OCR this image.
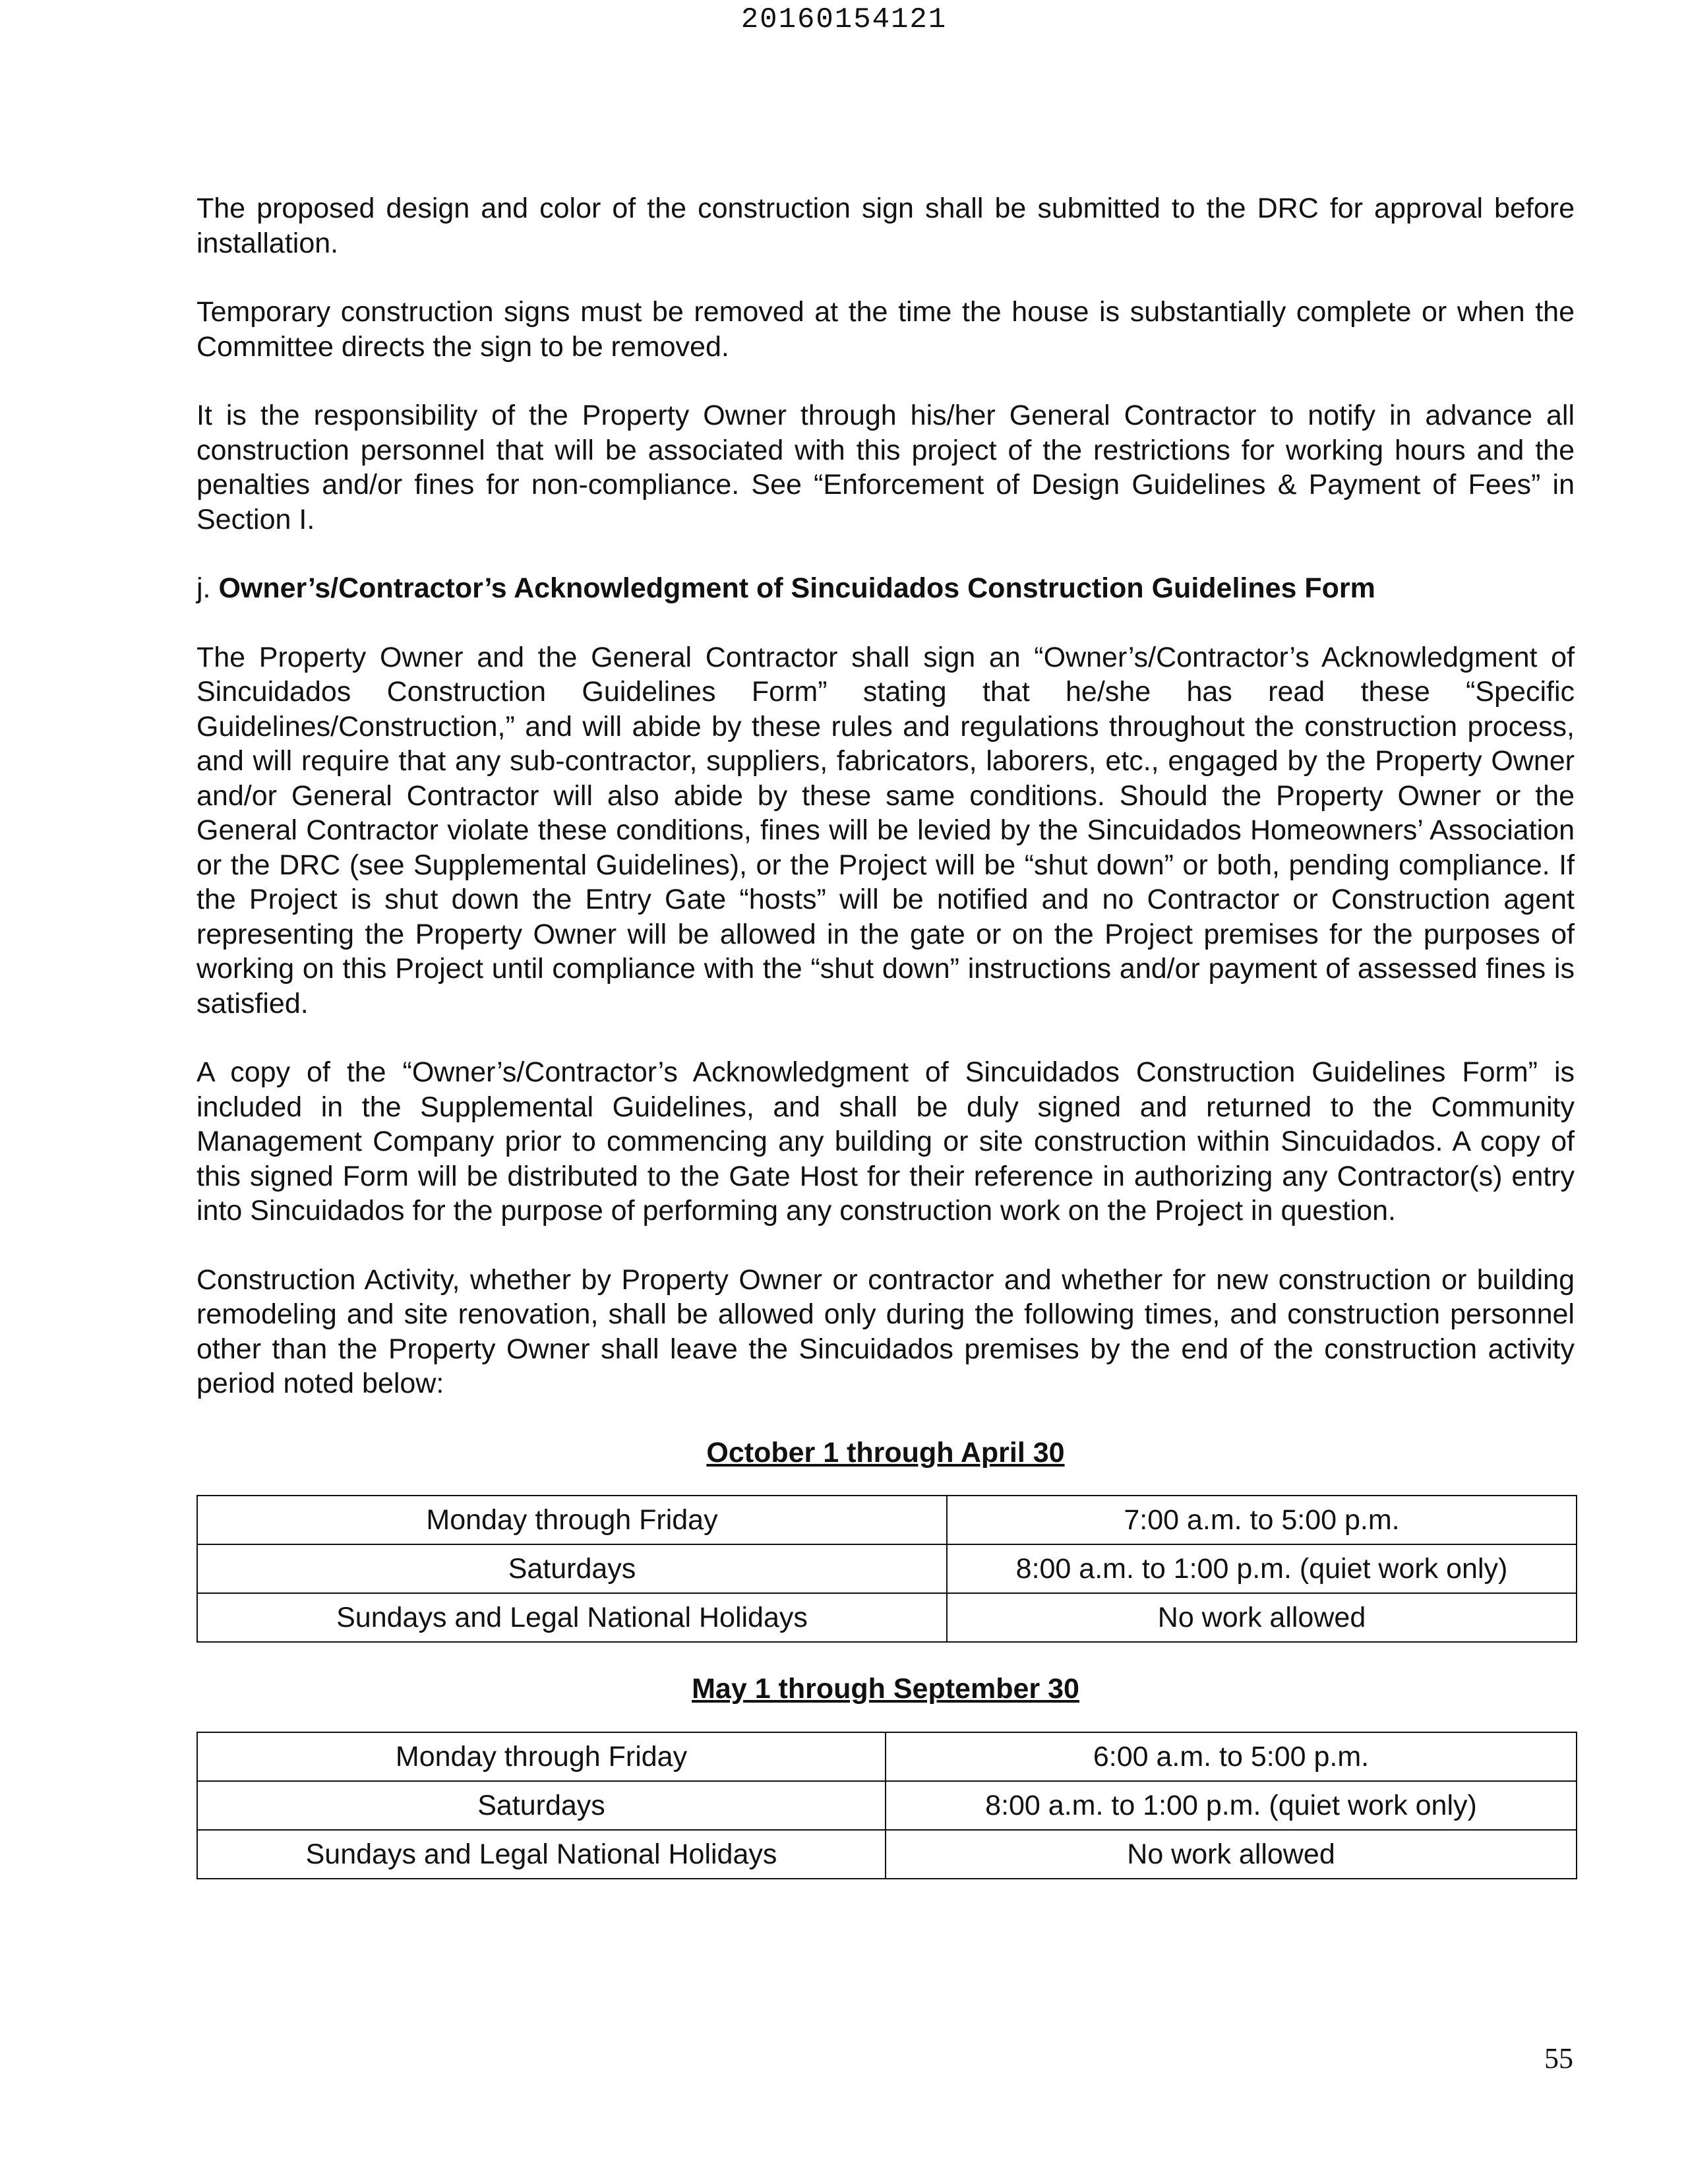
20160154121

The proposed design and color of the construction sign shall be submitted to the DRC for approval before installation.

Temporary construction signs must be removed at the time the house is substantially complete or when the Committee directs the sign to be removed.

It is the responsibility of the Property Owner through his/her General Contractor to notify in advance all construction personnel that will be associated with this project of the restrictions for working hours and the penalties and/or fines for non-compliance. See “Enforcement of Design Guidelines & Payment of Fees” in Section I.

j. Owner’s/Contractor’s Acknowledgment of Sincuidados Construction Guidelines Form

The Property Owner and the General Contractor shall sign an “Owner’s/Contractor’s Acknowledgment of Sincuidados Construction Guidelines Form” stating that he/she has read these “Specific Guidelines/Construction,” and will abide by these rules and regulations throughout the construction process, and will require that any sub-contractor, suppliers, fabricators, laborers, etc., engaged by the Property Owner and/or General Contractor will also abide by these same conditions. Should the Property Owner or the General Contractor violate these conditions, fines will be levied by the Sincuidados Homeowners’ Association or the DRC (see Supplemental Guidelines), or the Project will be “shut down” or both, pending compliance. If the Project is shut down the Entry Gate “hosts” will be notified and no Contractor or Construction agent representing the Property Owner will be allowed in the gate or on the Project premises for the purposes of working on this Project until compliance with the “shut down” instructions and/or payment of assessed fines is satisfied.

A copy of the “Owner’s/Contractor’s Acknowledgment of Sincuidados Construction Guidelines Form” is included in the Supplemental Guidelines, and shall be duly signed and returned to the Community Management Company prior to commencing any building or site construction within Sincuidados. A copy of this signed Form will be distributed to the Gate Host for their reference in authorizing any Contractor(s) entry into Sincuidados for the purpose of performing any construction work on the Project in question.

Construction Activity, whether by Property Owner or contractor and whether for new construction or building remodeling and site renovation, shall be allowed only during the following times, and construction personnel other than the Property Owner shall leave the Sincuidados premises by the end of the construction activity period noted below:

October 1 through April 30

Monday through Friday	7:00 a.m. to 5:00 p.m.
Saturdays	8:00 a.m. to 1:00 p.m. (quiet work only)
Sundays and Legal National Holidays	No work allowed

May 1 through September 30

Monday through Friday	6:00 a.m. to 5:00 p.m.
Saturdays	8:00 a.m. to 1:00 p.m. (quiet work only)
Sundays and Legal National Holidays	No work allowed
55
